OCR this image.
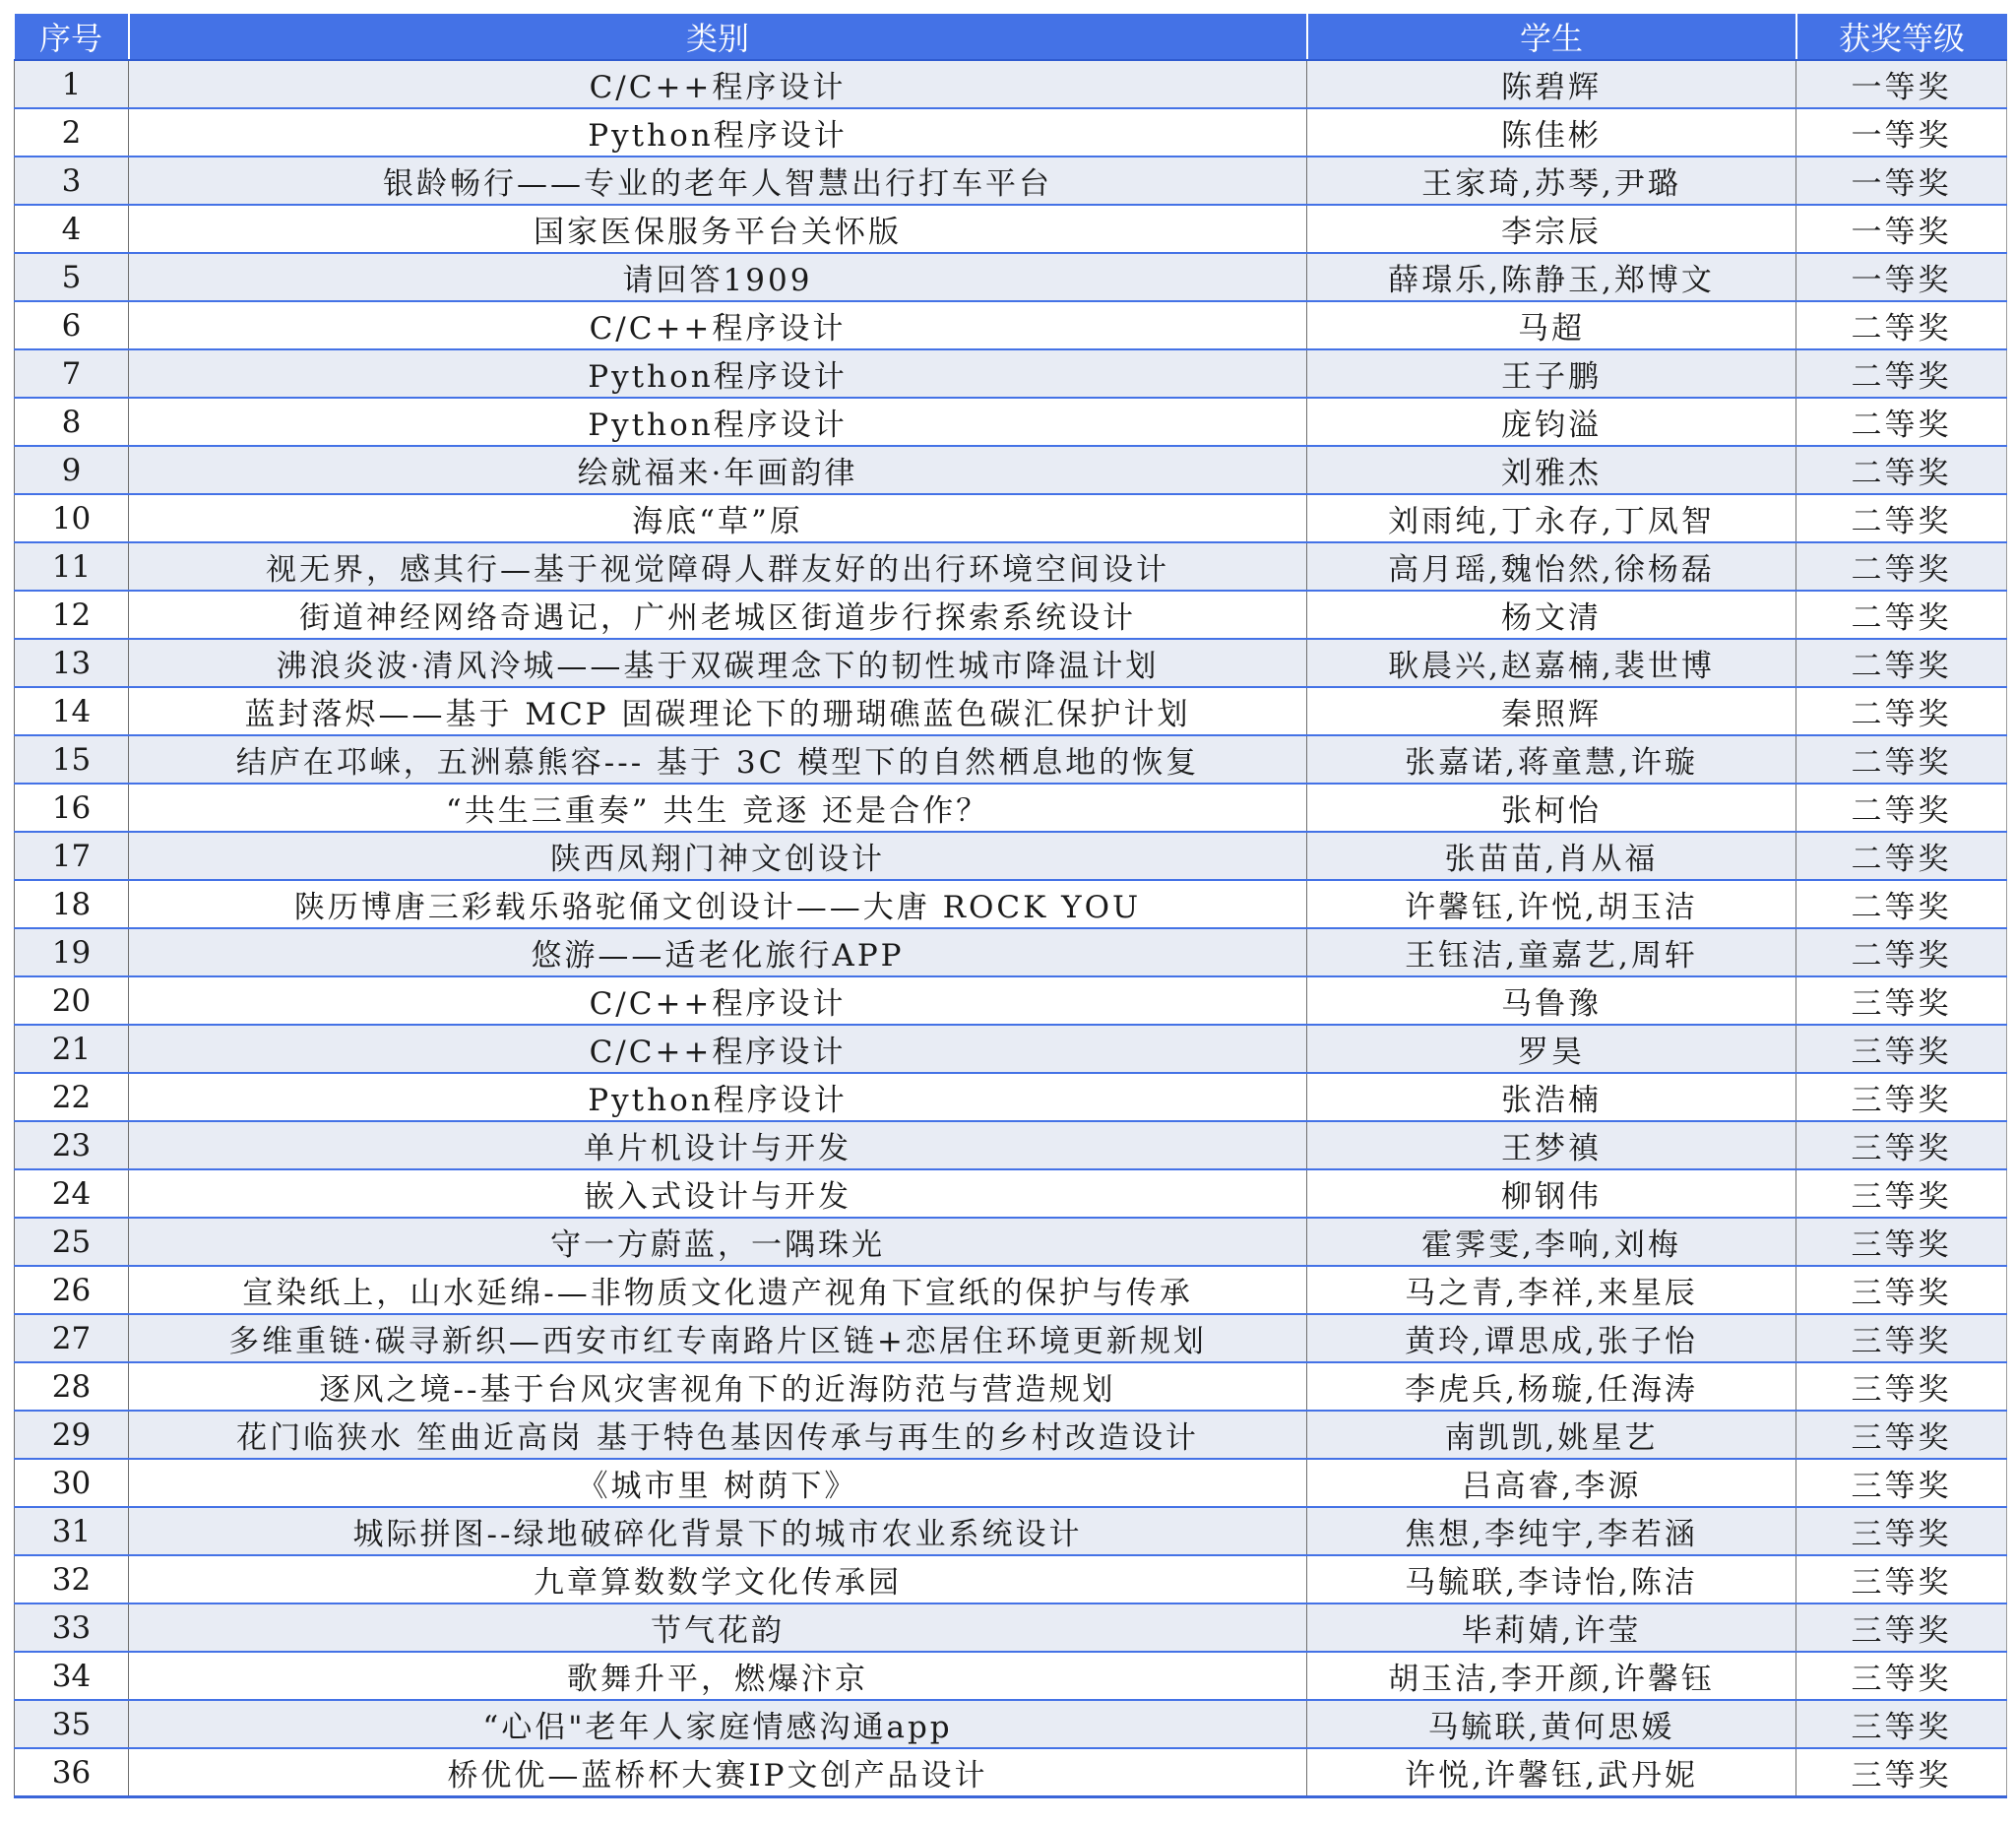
序号	类别	学生	获奖等级
1	C/C++程序设计	陈碧辉	一等奖
2	Python程序设计	陈佳彬	一等奖
3	银龄畅行——专业的老年人智慧出行打车平台	王家琦,苏琴,尹璐	一等奖
4	国家医保服务平台关怀版	李宗辰	一等奖
5	请回答1909	薛璟乐,陈静玉,郑博文	一等奖
6	C/C++程序设计	马超	二等奖
7	Python程序设计	王子鹏	二等奖
8	Python程序设计	庞钧溢	二等奖
9	绘就福来·年画韵律	刘雅杰	二等奖
10	海底“草”原	刘雨纯,丁永存,丁凤智	二等奖
11	视无界，感其行—基于视觉障碍人群友好的出行环境空间设计	高月瑶,魏怡然,徐杨磊	二等奖
12	街道神经网络奇遇记，广州老城区街道步行探索系统设计	杨文清	二等奖
13	沸浪炎波·清风泠城——基于双碳理念下的韧性城市降温计划	耿晨兴,赵嘉楠,裴世博	二等奖
14	蓝封落烬——基于 MCP 固碳理论下的珊瑚礁蓝色碳汇保护计划	秦照辉	二等奖
15	结庐在邛崃，五洲慕熊容--- 基于 3C 模型下的自然栖息地的恢复	张嘉诺,蒋童慧,许璇	二等奖
16	“共生三重奏” 共生 竞逐 还是合作？	张柯怡	二等奖
17	陕西凤翔门神文创设计	张苗苗,肖从福	二等奖
18	陕历博唐三彩载乐骆驼俑文创设计——大唐 ROCK YOU	许馨钰,许悦,胡玉洁	二等奖
19	悠游——适老化旅行APP	王钰洁,童嘉艺,周轩	二等奖
20	C/C++程序设计	马鲁豫	三等奖
21	C/C++程序设计	罗昊	三等奖
22	Python程序设计	张浩楠	三等奖
23	单片机设计与开发	王梦禛	三等奖
24	嵌入式设计与开发	柳钢伟	三等奖
25	守一方蔚蓝，一隅珠光	霍霁雯,李响,刘梅	三等奖
26	宣染纸上，山水延绵-—非物质文化遗产视角下宣纸的保护与传承	马之青,李祥,来星辰	三等奖
27	多维重链·碳寻新织—西安市红专南路片区链+恋居住环境更新规划	黄玲,谭思成,张子怡	三等奖
28	逐风之境--基于台风灾害视角下的近海防范与营造规划	李虎兵,杨璇,任海涛	三等奖
29	花门临狭水 笙曲近高岗 基于特色基因传承与再生的乡村改造设计	南凯凯,姚星艺	三等奖
30	《城市里 树荫下》	吕高睿,李源	三等奖
31	城际拼图--绿地破碎化背景下的城市农业系统设计	焦想,李纯宇,李若涵	三等奖
32	九章算数数学文化传承园	马毓联,李诗怡,陈洁	三等奖
33	节气花韵	毕莉婧,许莹	三等奖
34	歌舞升平，燃爆汴京	胡玉洁,李开颜,许馨钰	三等奖
35	“心侣"老年人家庭情感沟通app	马毓联,黄何思媛	三等奖
36	桥优优—蓝桥杯大赛IP文创产品设计	许悦,许馨钰,武丹妮	三等奖
